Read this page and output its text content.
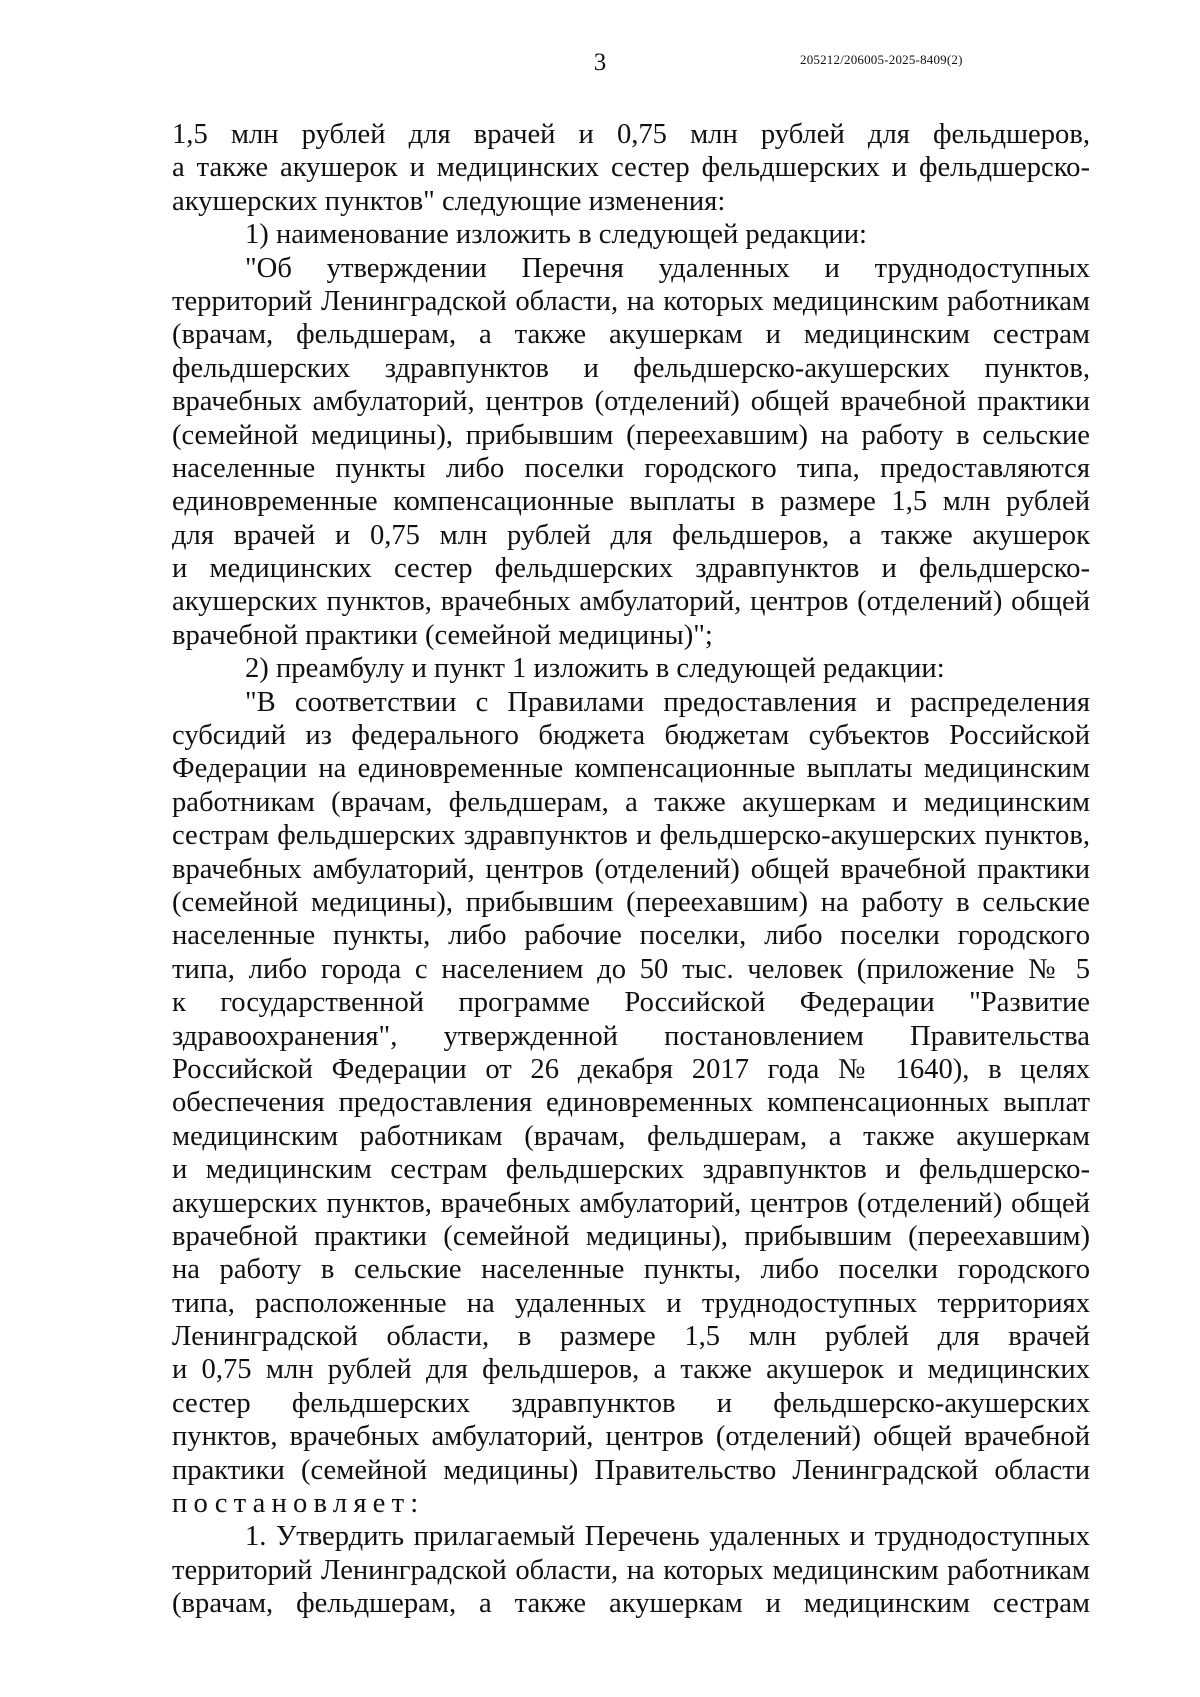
3	205212/206005-2025-8409(2)
1,5 млн рублей для врачей и 0,75 млн рублей для фельдшеров,
а также акушерок и медицинских сестер фельдшерских и фельдшерско-
акушерских пунктов" следующие изменения:
1) наименование изложить в следующей редакции:
"Об утверждении Перечня удаленных и труднодоступных
территорий Ленинградской области, на которых медицинским работникам
(врачам, фельдшерам, а также акушеркам и медицинским сестрам
фельдшерских здравпунктов и фельдшерско-акушерских пунктов,
врачебных амбулаторий, центров (отделений) общей врачебной практики
(семейной медицины), прибывшим (переехавшим) на работу в сельские
населенные пункты либо поселки городского типа, предоставляются
единовременные компенсационные выплаты в размере 1,5 млн рублей
для врачей и 0,75 млн рублей для фельдшеров, а также акушерок
и медицинских сестер фельдшерских здравпунктов и фельдшерско-
акушерских пунктов, врачебных амбулаторий, центров (отделений) общей
врачебной практики (семейной медицины)";
2) преамбулу и пункт 1 изложить в следующей редакции:
"В соответствии с Правилами предоставления и распределения
субсидий из федерального бюджета бюджетам субъектов Российской
Федерации на единовременные компенсационные выплаты медицинским
работникам (врачам, фельдшерам, а также акушеркам и медицинским
сестрам фельдшерских здравпунктов и фельдшерско-акушерских пунктов,
врачебных амбулаторий, центров (отделений) общей врачебной практики
(семейной медицины), прибывшим (переехавшим) на работу в сельские
населенные пункты, либо рабочие поселки, либо поселки городского
типа, либо города с населением до 50 тыс. человек (приложение № 5
к государственной программе Российской Федерации "Развитие
здравоохранения", утвержденной постановлением Правительства
Российской Федерации от 26 декабря 2017 года № 1640), в целях
обеспечения предоставления единовременных компенсационных выплат
медицинским работникам (врачам, фельдшерам, а также акушеркам
и медицинским сестрам фельдшерских здравпунктов и фельдшерско-
акушерских пунктов, врачебных амбулаторий, центров (отделений) общей
врачебной практики (семейной медицины), прибывшим (переехавшим)
на работу в сельские населенные пункты, либо поселки городского
типа, расположенные на удаленных и труднодоступных территориях
Ленинградской области, в размере 1,5 млн рублей для врачей
и 0,75 млн рублей для фельдшеров, а также акушерок и медицинских
сестер фельдшерских здравпунктов и фельдшерско-акушерских
пунктов, врачебных амбулаторий, центров (отделений) общей врачебной
практики (семейной медицины) Правительство Ленинградской области
постановляет:
1. Утвердить прилагаемый Перечень удаленных и труднодоступных
территорий Ленинградской области, на которых медицинским работникам
(врачам, фельдшерам, а также акушеркам и медицинским сестрам
